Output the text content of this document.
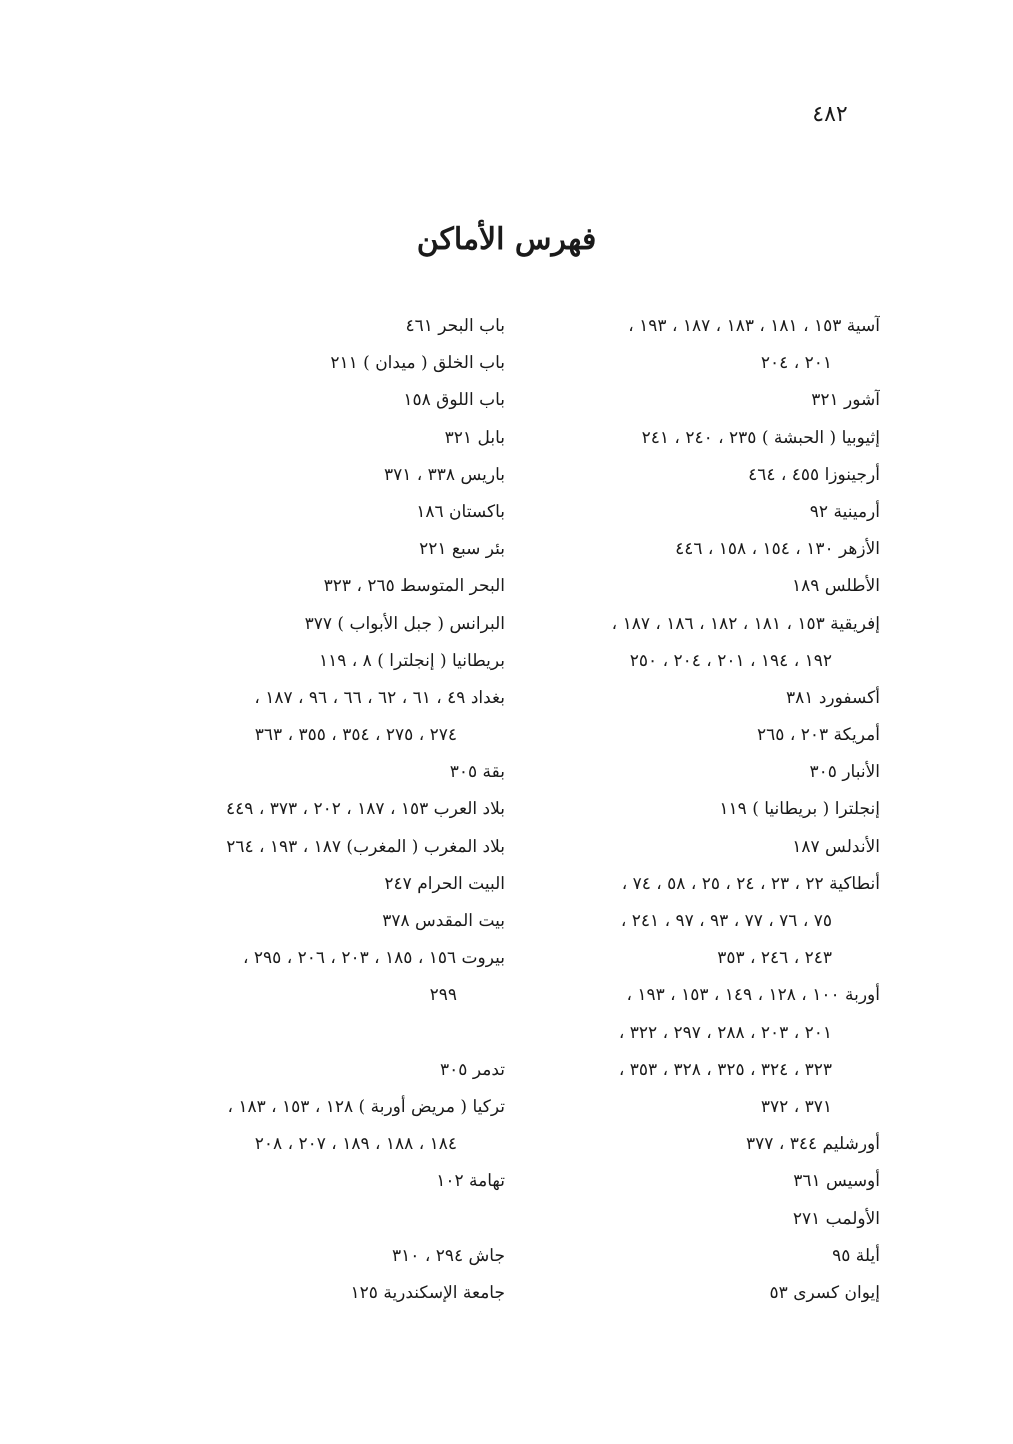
٤٨٢
فهرس الأماكن
آسية ١٥٣ ، ١٨١ ، ١٨٣ ، ١٨٧ ، ١٩٣ ،
٢٠١ ، ٢٠٤
آشور ٣٢١
إثيوبيا ( الحبشة ) ٢٣٥ ، ٢٤٠ ، ٢٤١
أرجينوزا ٤٥٥ ، ٤٦٤
أرمينية ٩٢
الأزهر ١٣٠ ، ١٥٤ ، ١٥٨ ، ٤٤٦
الأطلس ١٨٩
إفريقية ١٥٣ ، ١٨١ ، ١٨٢ ، ١٨٦ ، ١٨٧ ،
١٩٢ ، ١٩٤ ، ٢٠١ ، ٢٠٤ ، ٢٥٠
أكسفورد ٣٨١
أمريكة ٢٠٣ ، ٢٦٥
الأنبار ٣٠٥
إنجلترا ( بريطانيا ) ١١٩
الأندلس ١٨٧
أنطاكية ٢٢ ، ٢٣ ، ٢٤ ، ٢٥ ، ٥٨ ، ٧٤ ،
٧٥ ، ٧٦ ، ٧٧ ، ٩٣ ، ٩٧ ، ٢٤١ ،
٢٤٣ ، ٢٤٦ ، ٣٥٣
أوربة ١٠٠ ، ١٢٨ ، ١٤٩ ، ١٥٣ ، ١٩٣ ،
٢٠١ ، ٢٠٣ ، ٢٨٨ ، ٢٩٧ ، ٣٢٢ ،
٣٢٣ ، ٣٢٤ ، ٣٢٥ ، ٣٢٨ ، ٣٥٣ ،
٣٧١ ، ٣٧٢
أورشليم ٣٤٤ ، ٣٧٧
أوسيس ٣٦١
الأولمب ٢٧١
أيلة ٩٥
إيوان كسرى ٥٣
باب البحر ٤٦١
باب الخلق ( ميدان ) ٢١١
باب اللوق ١٥٨
بابل ٣٢١
باريس ٣٣٨ ، ٣٧١
باكستان ١٨٦
بئر سبع ٢٢١
البحر المتوسط ٢٦٥ ، ٣٢٣
البرانس ( جبل الأبواب ) ٣٧٧
بريطانيا ( إنجلترا ) ٨ ، ١١٩
بغداد ٤٩ ، ٦١ ، ٦٢ ، ٦٦ ، ٩٦ ، ١٨٧ ،
٢٧٤ ، ٢٧٥ ، ٣٥٤ ، ٣٥٥ ، ٣٦٣
بقة ٣٠٥
بلاد العرب ١٥٣ ، ١٨٧ ، ٢٠٢ ، ٣٧٣ ، ٤٤٩
بلاد المغرب ( المغرب) ١٨٧ ، ١٩٣ ، ٢٦٤
البيت الحرام ٢٤٧
بيت المقدس ٣٧٨
بيروت ١٥٦ ، ١٨٥ ، ٢٠٣ ، ٢٠٦ ، ٢٩٥ ،
٢٩٩
تدمر ٣٠٥
تركيا ( مريض أوربة ) ١٢٨ ، ١٥٣ ، ١٨٣ ،
١٨٤ ، ١٨٨ ، ١٨٩ ، ٢٠٧ ، ٢٠٨
تهامة ١٠٢
جاش ٢٩٤ ، ٣١٠
جامعة الإسكندرية ١٢٥
